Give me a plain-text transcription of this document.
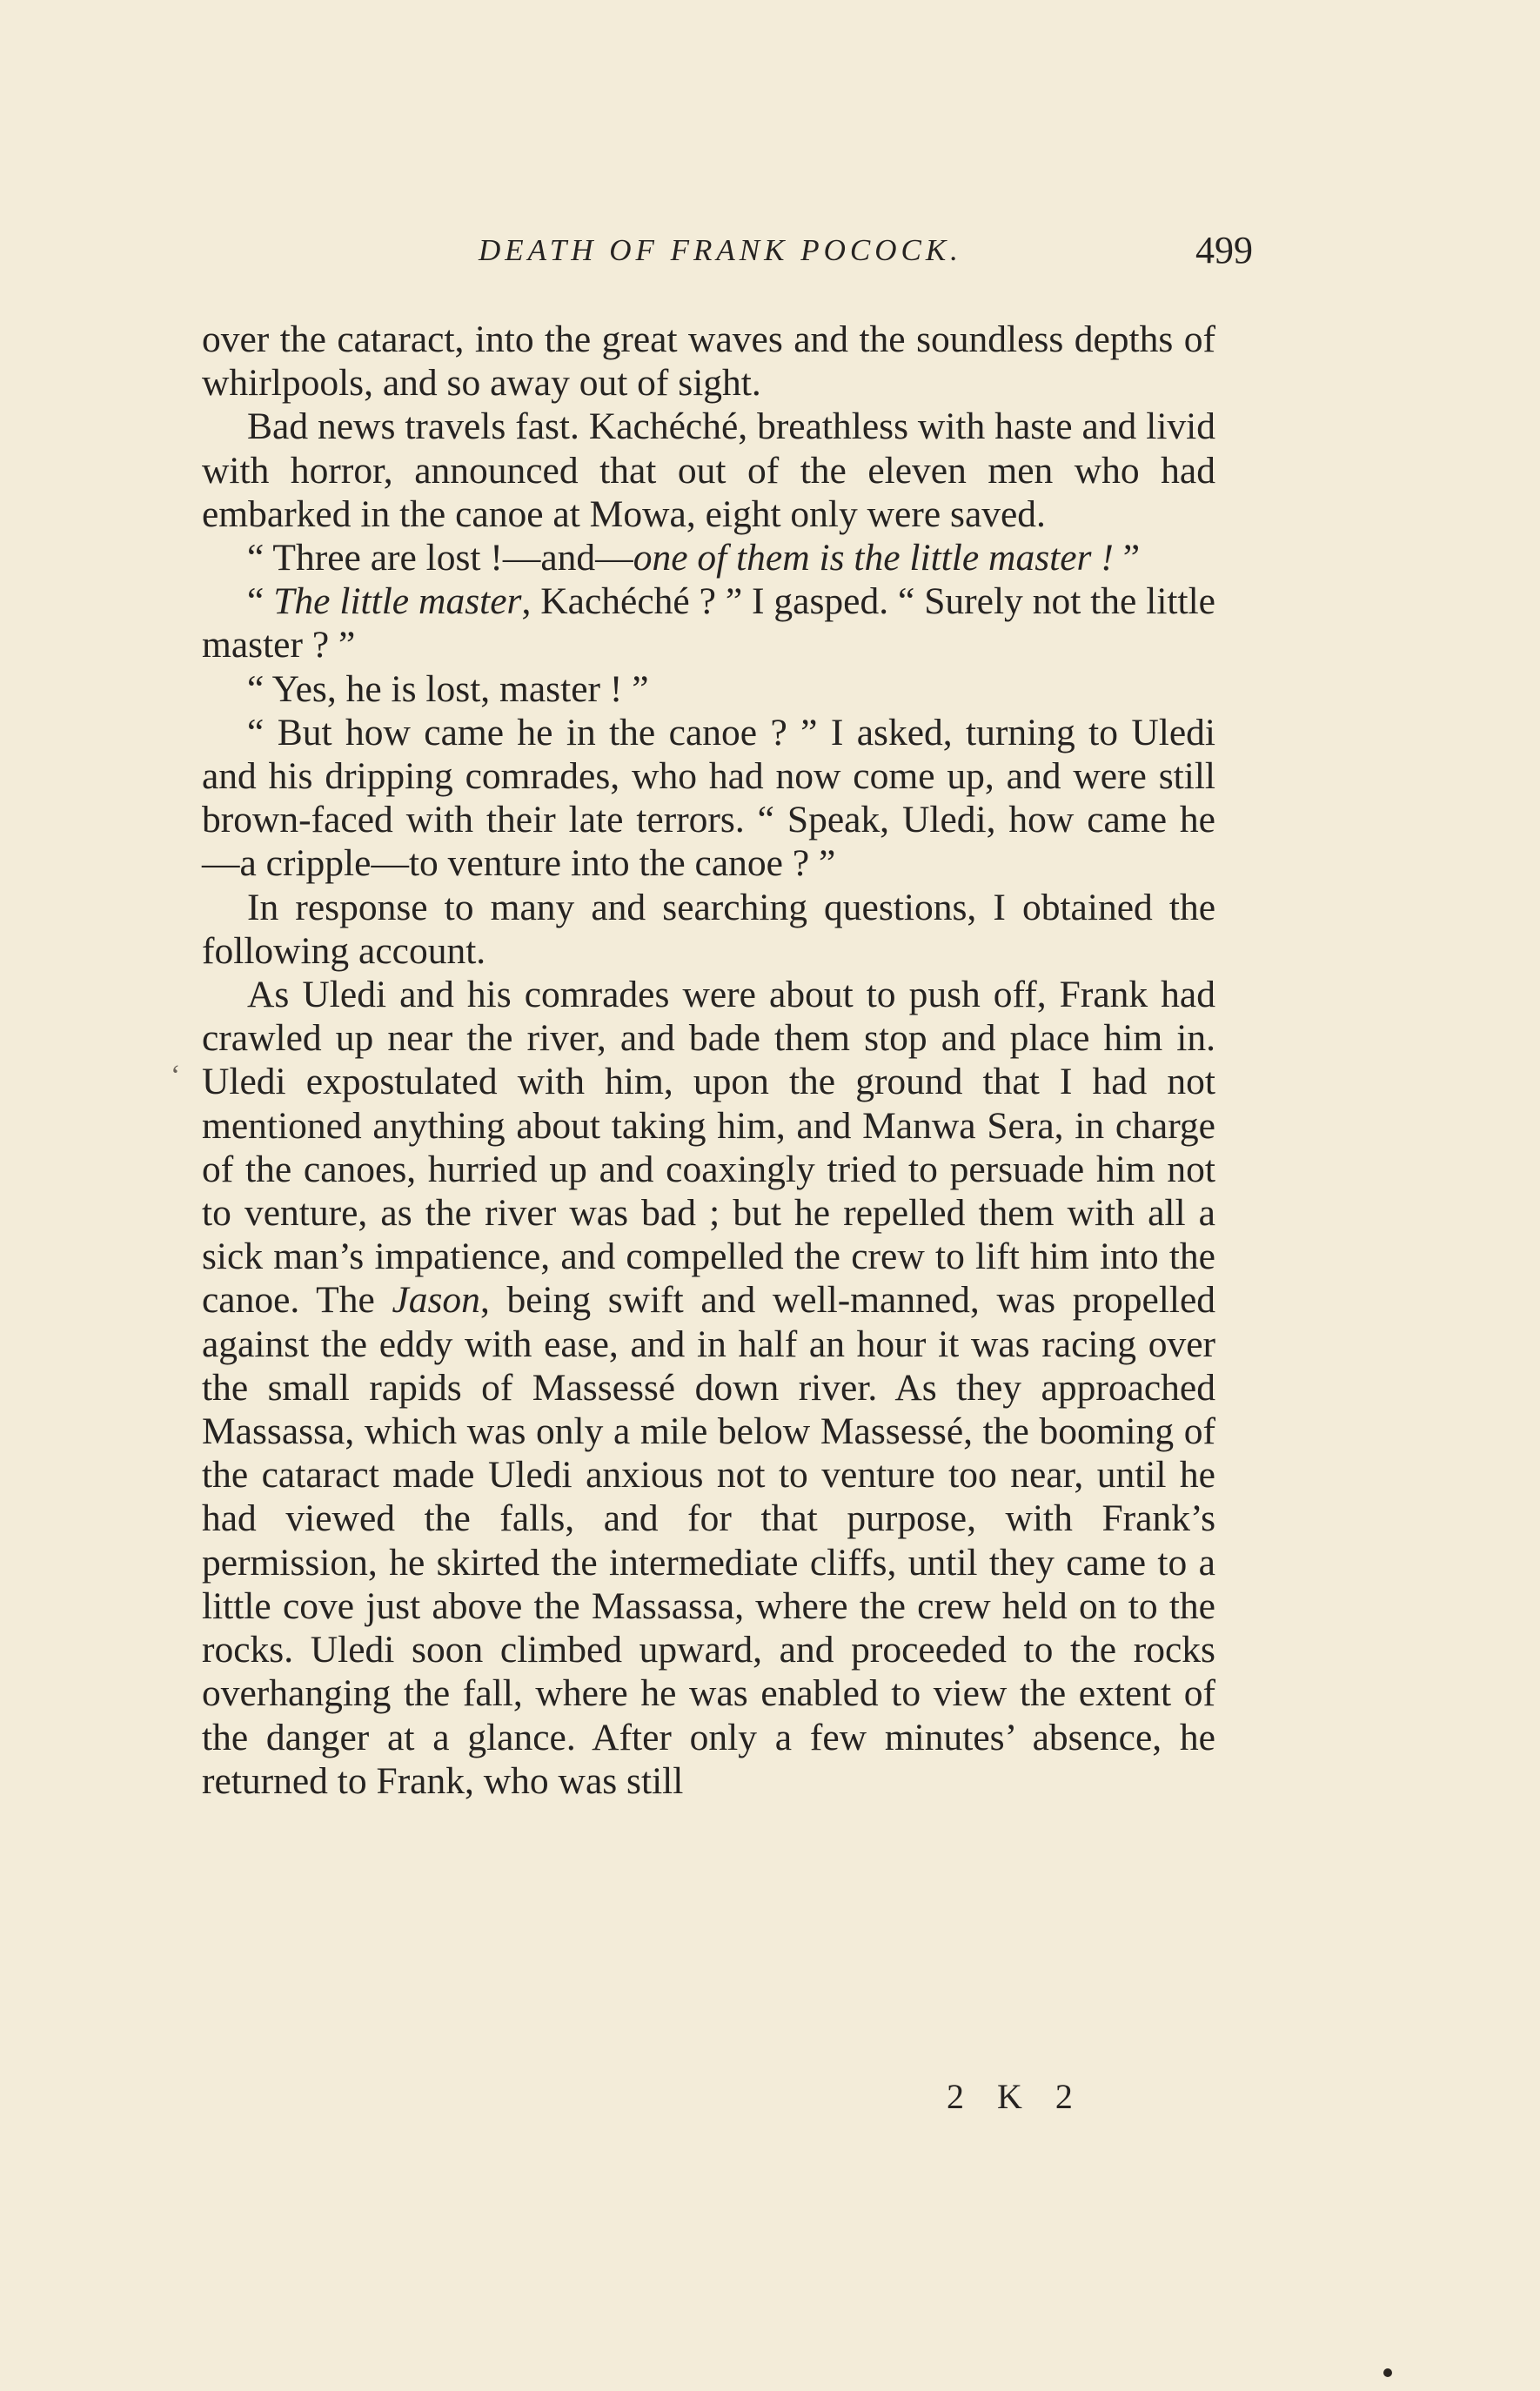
DEATH OF FRANK POCOCK.	499
‘

over the cataract, into the great waves and the soundless depths of whirlpools, and so away out of sight.

Bad news travels fast. Kachéché, breathless with haste and livid with horror, announced that out of the eleven men who had embarked in the canoe at Mowa, eight only were saved.

“ Three are lost !—and—one of them is the little master ! ”

“ The little master, Kachéché ? ” I gasped. “ Surely not the little master ? ”

“ Yes, he is lost, master ! ”

“ But how came he in the canoe ? ” I asked, turning to Uledi and his dripping comrades, who had now come up, and were still brown-faced with their late terrors. “ Speak, Uledi, how came he—a cripple—to venture into the canoe ? ”

In response to many and searching questions, I obtained the following account.

As Uledi and his comrades were about to push off, Frank had crawled up near the river, and bade them stop and place him in. Uledi expostulated with him, upon the ground that I had not mentioned anything about taking him, and Manwa Sera, in charge of the canoes, hurried up and coaxingly tried to persuade him not to venture, as the river was bad ; but he repelled them with all a sick man’s impatience, and compelled the crew to lift him into the canoe. The Jason, being swift and well-manned, was propelled against the eddy with ease, and in half an hour it was racing over the small rapids of Massessé down river. As they approached Massassa, which was only a mile below Massessé, the booming of the cataract made Uledi anxious not to venture too near, until he had viewed the falls, and for that purpose, with Frank’s permission, he skirted the intermediate cliffs, until they came to a little cove just above the Massassa, where the crew held on to the rocks. Uledi soon climbed upward, and proceeded to the rocks overhanging the fall, where he was enabled to view the extent of the danger at a glance. After only a few minutes’ absence, he returned to Frank, who was still

2 K 2
